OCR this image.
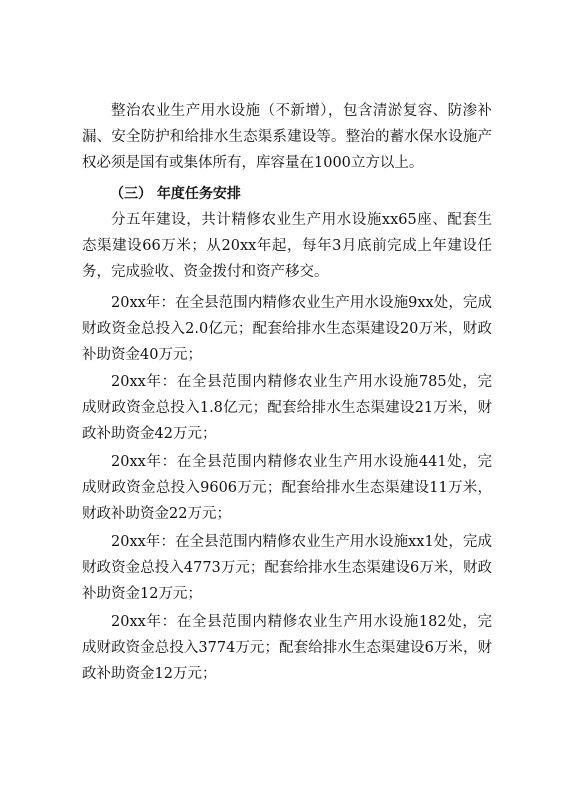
整治农业生产用水设施（不新增），包含清淤复容、防渗补漏、安全防护和给排水生态渠系建设等。整治的蓄水保水设施产权必须是国有或集体所有，库容量在1000立方以上。

（三） 年度任务安排

分五年建设，共计精修农业生产用水设施xx65座、配套生态渠建设66万米；从20xx年起，每年3月底前完成上年建设任务，完成验收、资金拨付和资产移交。

20xx年：在全县范围内精修农业生产用水设施9xx处，完成财政资金总投入2.0亿元；配套给排水生态渠建设20万米，财政补助资金40万元；

20xx年：在全县范围内精修农业生产用水设施785处，完成财政资金总投入1.8亿元；配套给排水生态渠建设21万米，财政补助资金42万元；

20xx年：在全县范围内精修农业生产用水设施441处，完成财政资金总投入9606万元；配套给排水生态渠建设11万米，财政补助资金22万元；

20xx年：在全县范围内精修农业生产用水设施xx1处，完成财政资金总投入4773万元；配套给排水生态渠建设6万米，财政补助资金12万元；

20xx年：在全县范围内精修农业生产用水设施182处，完成财政资金总投入3774万元；配套给排水生态渠建设6万米，财政补助资金12万元；
